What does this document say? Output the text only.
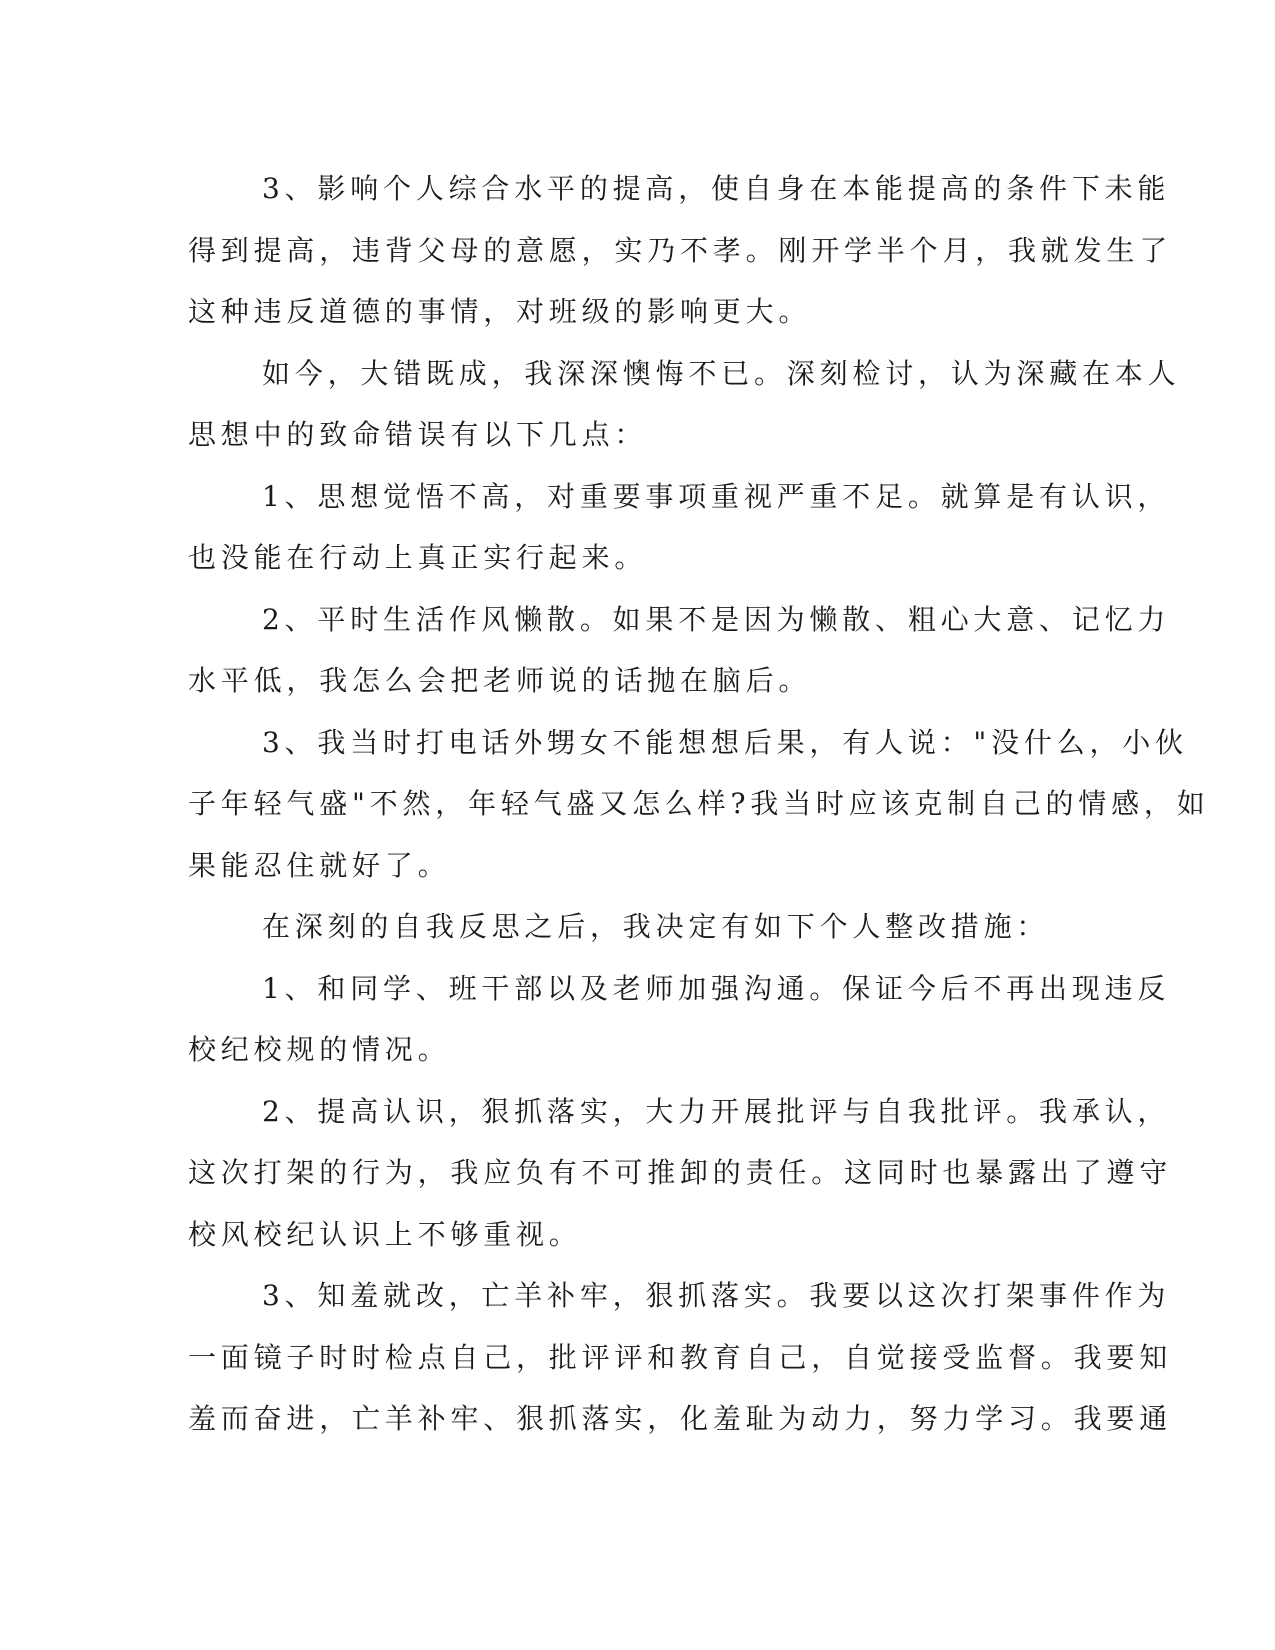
3、影响个人综合水平的提高，使自身在本能提高的条件下未能
得到提高，违背父母的意愿，实乃不孝。刚开学半个月，我就发生了
这种违反道德的事情，对班级的影响更大。
如今，大错既成，我深深懊悔不已。深刻检讨，认为深藏在本人
思想中的致命错误有以下几点：
1、思想觉悟不高，对重要事项重视严重不足。就算是有认识，
也没能在行动上真正实行起来。
2、平时生活作风懒散。如果不是因为懒散、粗心大意、记忆力
水平低，我怎么会把老师说的话抛在脑后。
3、我当时打电话外甥女不能想想后果，有人说："没什么，小伙
子年轻气盛"不然，年轻气盛又怎么样?我当时应该克制自己的情感，如
果能忍住就好了。
在深刻的自我反思之后，我决定有如下个人整改措施：
1、和同学、班干部以及老师加强沟通。保证今后不再出现违反
校纪校规的情况。
2、提高认识，狠抓落实，大力开展批评与自我批评。我承认，
这次打架的行为，我应负有不可推卸的责任。这同时也暴露出了遵守
校风校纪认识上不够重视。
3、知羞就改，亡羊补牢，狠抓落实。我要以这次打架事件作为
一面镜子时时检点自己，批评评和教育自己，自觉接受监督。我要知
羞而奋进，亡羊补牢、狠抓落实，化羞耻为动力，努力学习。我要通
